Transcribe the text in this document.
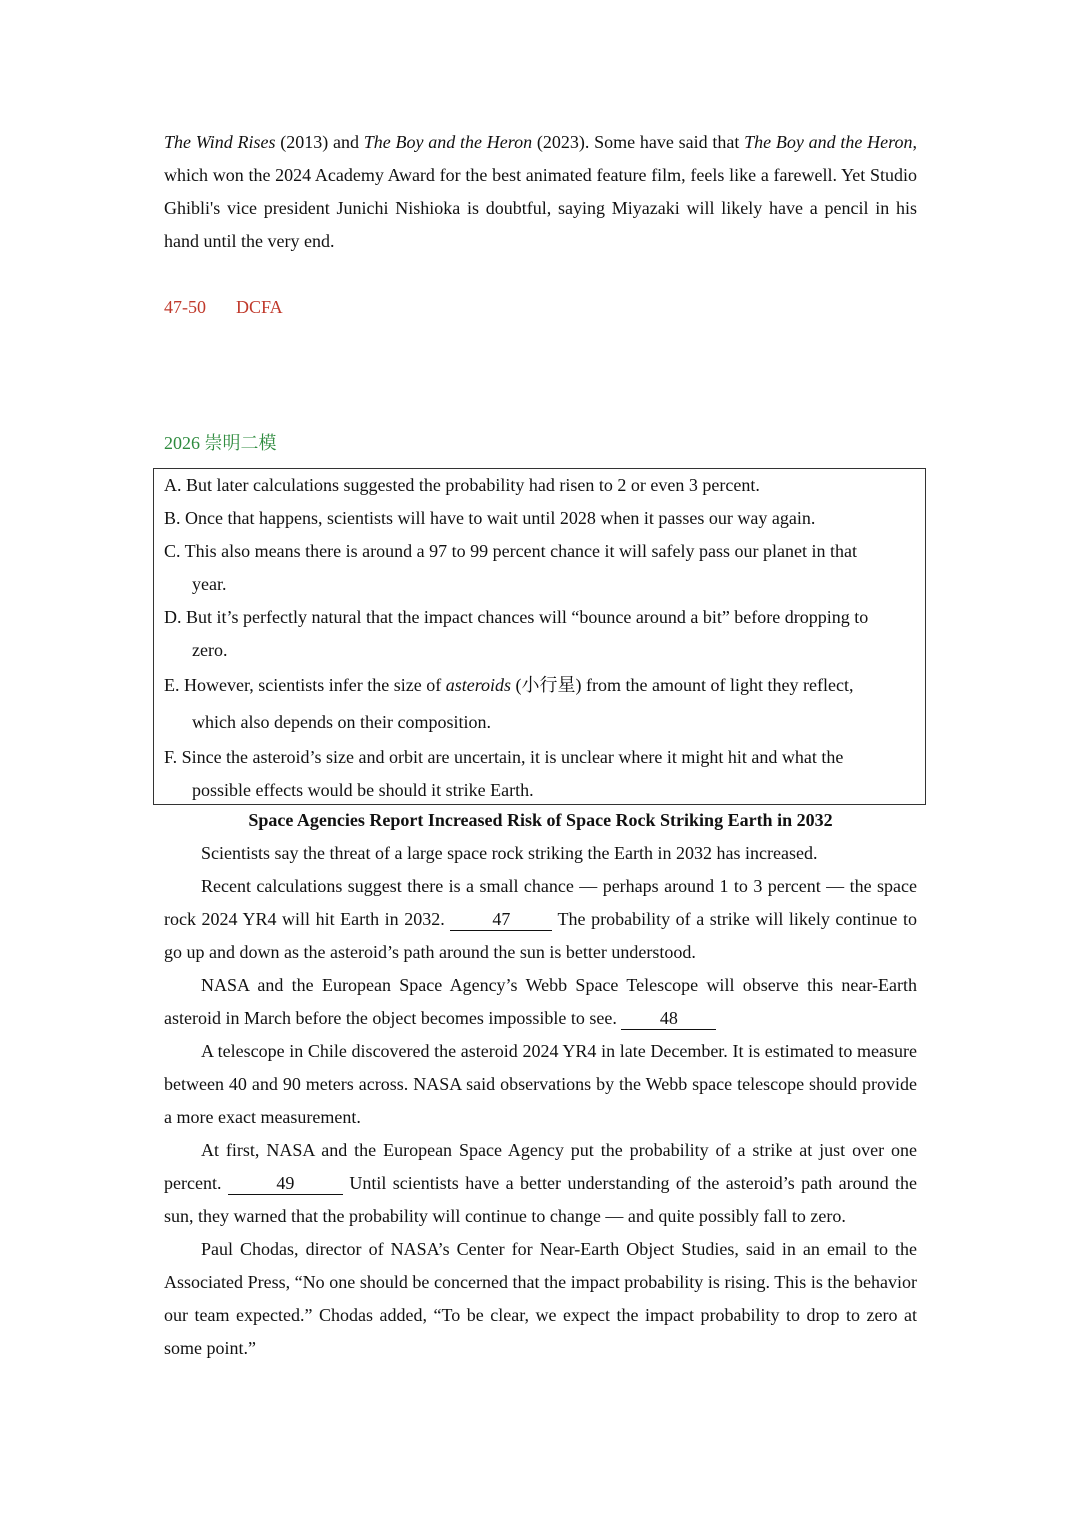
The Wind Rises (2013) and The Boy and the Heron (2023). Some have said that The Boy and the Heron, which won the 2024 Academy Award for the best animated feature film, feels like a farewell. Yet Studio Ghibli's vice president Junichi Nishioka is doubtful, saying Miyazaki will likely have a pencil in his hand until the very end.

47-50 DCFA
2026 崇明二模
A. But later calculations suggested the probability had risen to 2 or even 3 percent.
B. Once that happens, scientists will have to wait until 2028 when it passes our way again.
C. This also means there is around a 97 to 99 percent chance it will safely pass our planet in that
year.
D. But it’s perfectly natural that the impact chances will “bounce around a bit” before dropping to
zero.
E. However, scientists infer the size of asteroids (小行星) from the amount of light they reflect,
which also depends on their composition.
F. Since the asteroid’s size and orbit are uncertain, it is unclear where it might hit and what the
possible effects would be should it strike Earth.
Space Agencies Report Increased Risk of Space Rock Striking Earth in 2032

Scientists say the threat of a large space rock striking the Earth in 2032 has increased.

Recent calculations suggest there is a small chance — perhaps around 1 to 3 percent — the space rock 2024 YR4 will hit Earth in 2032. 47 The probability of a strike will likely continue to go up and down as the asteroid’s path around the sun is better understood.

NASA and the European Space Agency’s Webb Space Telescope will observe this near-Earth asteroid in March before the object becomes impossible to see. 48

A telescope in Chile discovered the asteroid 2024 YR4 in late December. It is estimated to measure between 40 and 90 meters across. NASA said observations by the Webb space telescope should provide a more exact measurement.

At first, NASA and the European Space Agency put the probability of a strike at just over one percent.	49	Until scientists have a better understanding of the asteroid’s path around the sun, they warned that the probability will continue to change — and quite possibly fall to zero.

Paul Chodas, director of NASA’s Center for Near-Earth Object Studies, said in an email to the Associated Press, “No one should be concerned that the impact probability is rising. This is the behavior our team expected.” Chodas added, “To be clear, we expect the impact probability to drop to zero at some point.”
